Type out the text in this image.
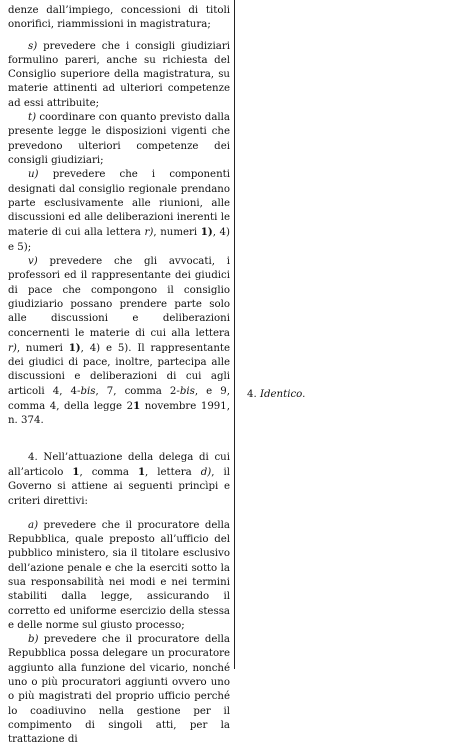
denze dall’impiego, concessioni di titoli onorifici, riammissioni in magistratura;

s) prevedere che i consigli giudiziari formulino pareri, anche su richiesta del Consiglio superiore della magistratura, su materie attinenti ad ulteriori competenze ad essi attribuite;

t) coordinare con quanto previsto dalla presente legge le disposizioni vigenti che prevedono ulteriori competenze dei consigli giudiziari;

u) prevedere che i componenti designati dal consiglio regionale prendano parte esclusivamente alle riunioni, alle discussioni ed alle deliberazioni inerenti le materie di cui alla lettera r), numeri 1), 4) e 5);

v) prevedere che gli avvocati, i professori ed il rappresentante dei giudici di pace che compongono il consiglio giudiziario possano prendere parte solo alle discussioni e deliberazioni concernenti le materie di cui alla lettera r), numeri 1), 4) e 5). Il rappresentante dei giudici di pace, inoltre, partecipa alle discussioni e deliberazioni di cui agli articoli 4, 4-bis, 7, comma 2-bis, e 9, comma 4, della legge 21 novembre 1991, n. 374.

4. Nell’attuazione della delega di cui all’articolo 1, comma 1, lettera d), il Governo si attiene ai seguenti princìpi e criteri direttivi:

a) prevedere che il procuratore della Repubblica, quale preposto all’ufficio del pubblico ministero, sia il titolare esclusivo dell’azione penale e che la eserciti sotto la sua responsabilità nei modi e nei termini stabiliti dalla legge, assicurando il corretto ed uniforme esercizio della stessa e delle norme sul giusto processo;

b) prevedere che il procuratore della Repubblica possa delegare un procuratore aggiunto alla funzione del vicario, nonché uno o più procuratori aggiunti ovvero uno o più magistrati del proprio ufficio perché lo coadiuvino nella gestione per il compimento di singoli atti, per la trattazione di

4. Identico.
